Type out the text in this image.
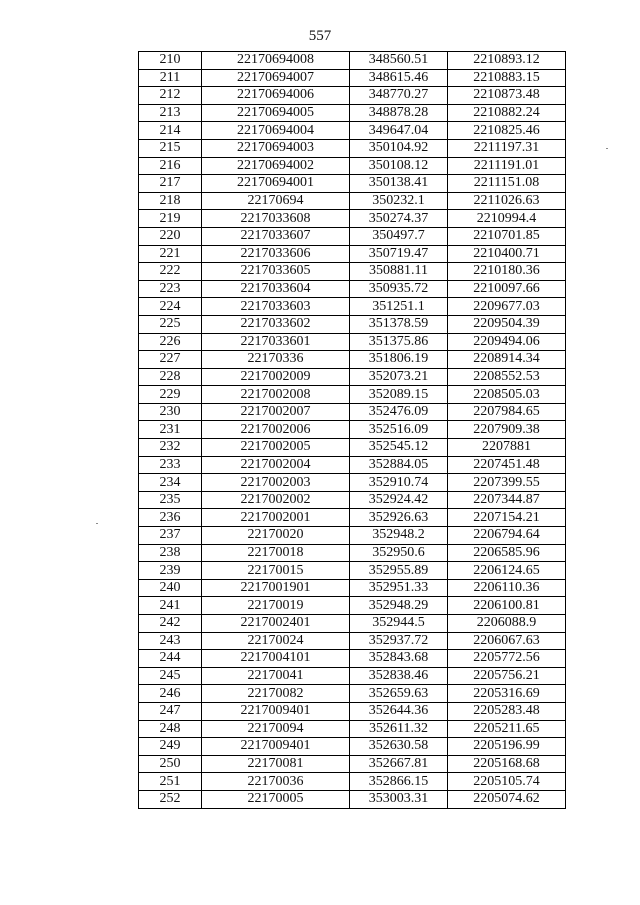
557
210	22170694008	348560.51	2210893.12
211	22170694007	348615.46	2210883.15
212	22170694006	348770.27	2210873.48
213	22170694005	348878.28	2210882.24
214	22170694004	349647.04	2210825.46
215	22170694003	350104.92	2211197.31
216	22170694002	350108.12	2211191.01
217	22170694001	350138.41	2211151.08
218	22170694	350232.1	2211026.63
219	2217033608	350274.37	2210994.4
220	2217033607	350497.7	2210701.85
221	2217033606	350719.47	2210400.71
222	2217033605	350881.11	2210180.36
223	2217033604	350935.72	2210097.66
224	2217033603	351251.1	2209677.03
225	2217033602	351378.59	2209504.39
226	2217033601	351375.86	2209494.06
227	22170336	351806.19	2208914.34
228	2217002009	352073.21	2208552.53
229	2217002008	352089.15	2208505.03
230	2217002007	352476.09	2207984.65
231	2217002006	352516.09	2207909.38
232	2217002005	352545.12	2207881
233	2217002004	352884.05	2207451.48
234	2217002003	352910.74	2207399.55
235	2217002002	352924.42	2207344.87
236	2217002001	352926.63	2207154.21
237	22170020	352948.2	2206794.64
238	22170018	352950.6	2206585.96
239	22170015	352955.89	2206124.65
240	2217001901	352951.33	2206110.36
241	22170019	352948.29	2206100.81
242	2217002401	352944.5	2206088.9
243	22170024	352937.72	2206067.63
244	2217004101	352843.68	2205772.56
245	22170041	352838.46	2205756.21
246	22170082	352659.63	2205316.69
247	2217009401	352644.36	2205283.48
248	22170094	352611.32	2205211.65
249	2217009401	352630.58	2205196.99
250	22170081	352667.81	2205168.68
251	22170036	352866.15	2205105.74
252	22170005	353003.31	2205074.62
